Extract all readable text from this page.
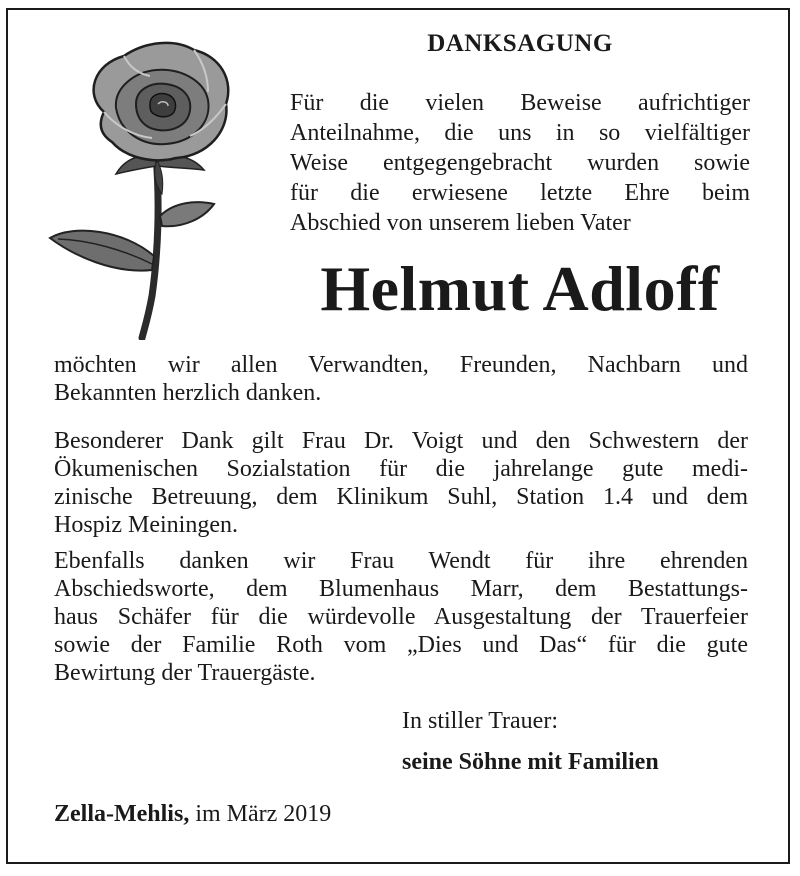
DANKSAGUNG
Für die vielen Beweise aufrichtiger
Anteilnahme, die uns in so vielfältiger
Weise entgegengebracht wurden sowie
für die erwiesene letzte Ehre beim
Abschied von unserem lieben Vater
Helmut Adloff
möchten wir allen Verwandten, Freunden, Nachbarn und
Bekannten herzlich danken.
Besonderer Dank gilt Frau Dr. Voigt und den Schwestern der
Ökumenischen Sozialstation für die jahrelange gute medi-
zinische Betreuung, dem Klinikum Suhl, Station 1.4 und dem
Hospiz Meiningen.
Ebenfalls danken wir Frau Wendt für ihre ehrenden
Abschiedsworte, dem Blumenhaus Marr, dem Bestattungs-
haus Schäfer für die würdevolle Ausgestaltung der Trauerfeier
sowie der Familie Roth vom „Dies und Das“ für die gute
Bewirtung der Trauergäste.
In stiller Trauer:
seine Söhne mit Familien
Zella-Mehlis, im März 2019
